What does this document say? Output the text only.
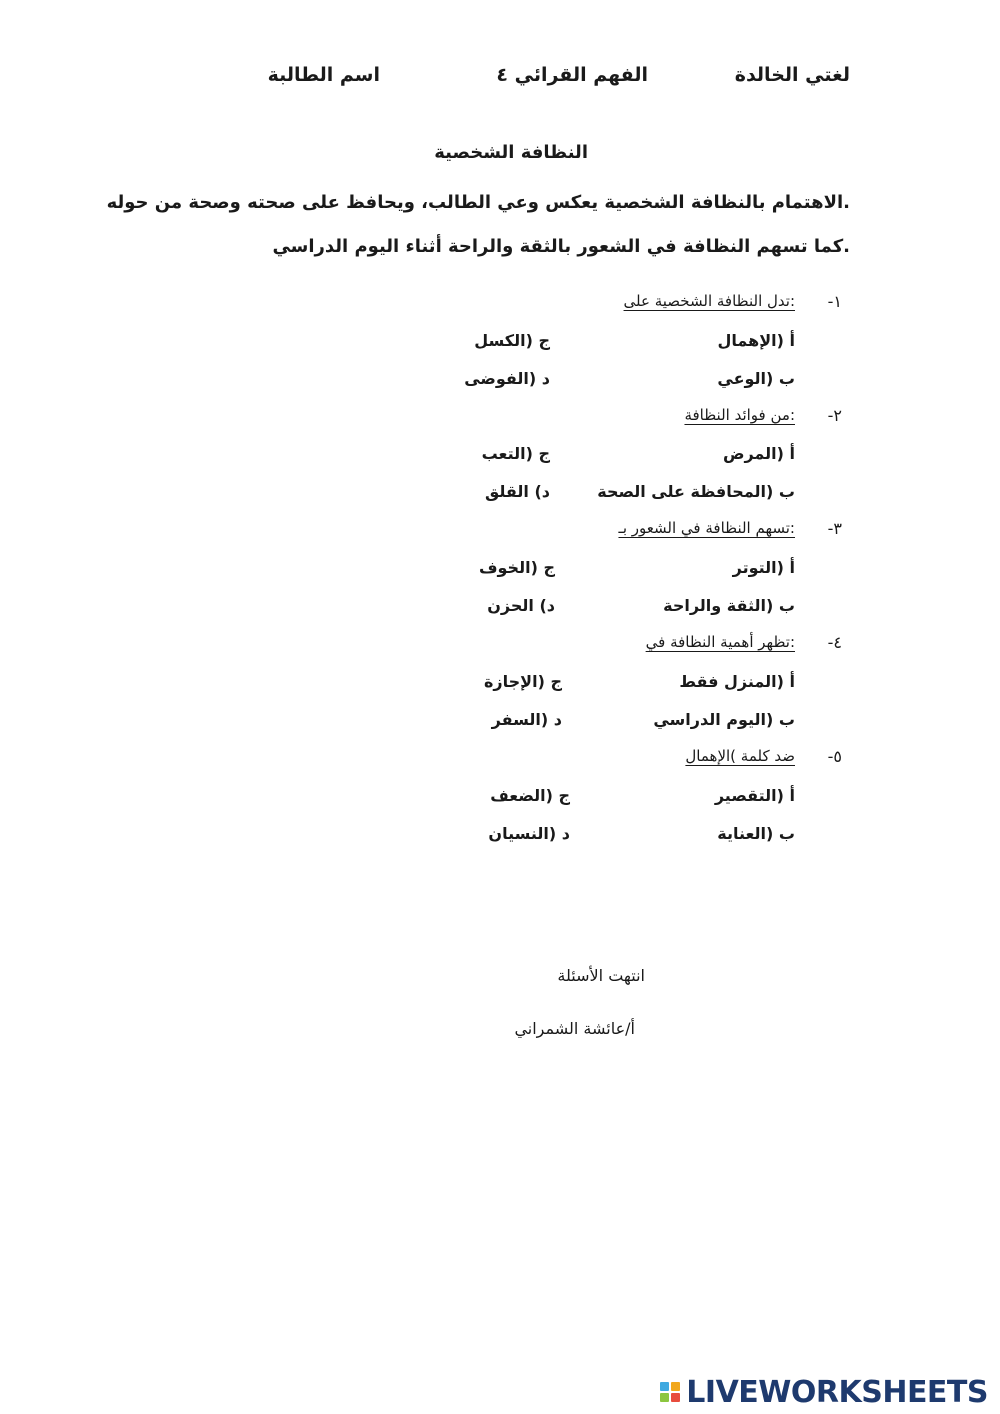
لغتي الخالدة
الفهم القرائي ٤
اسم الطالبة
النظافة الشخصية
.الاهتمام بالنظافة الشخصية يعكس وعي الطالب، ويحافظ على صحته وصحة من حوله
.كما تسهم النظافة في الشعور بالثقة والراحة أثناء اليوم الدراسي
١-
:تدل النظافة الشخصية على
أ (الإهمال
ج (الكسل
ب (الوعي
د (الفوضى
٢-
:من فوائد النظافة
أ (المرض
ج (التعب
ب (المحافظة على الصحة
د) القلق
٣-
:تسهم النظافة في الشعور بـ
أ (التوتر
ج (الخوف
ب (الثقة والراحة
د) الحزن
٤-
:تظهر أهمية النظافة في
أ (المنزل فقط
ج (الإجازة
ب (اليوم الدراسي
د (السفر
٥-
ضد كلمة )الإهمال
أ (التقصير
ج (الضعف
ب (العناية
د (النسيان
انتهت الأسئلة
أ/عائشة الشمراني
LIVEWORKSHEETS
